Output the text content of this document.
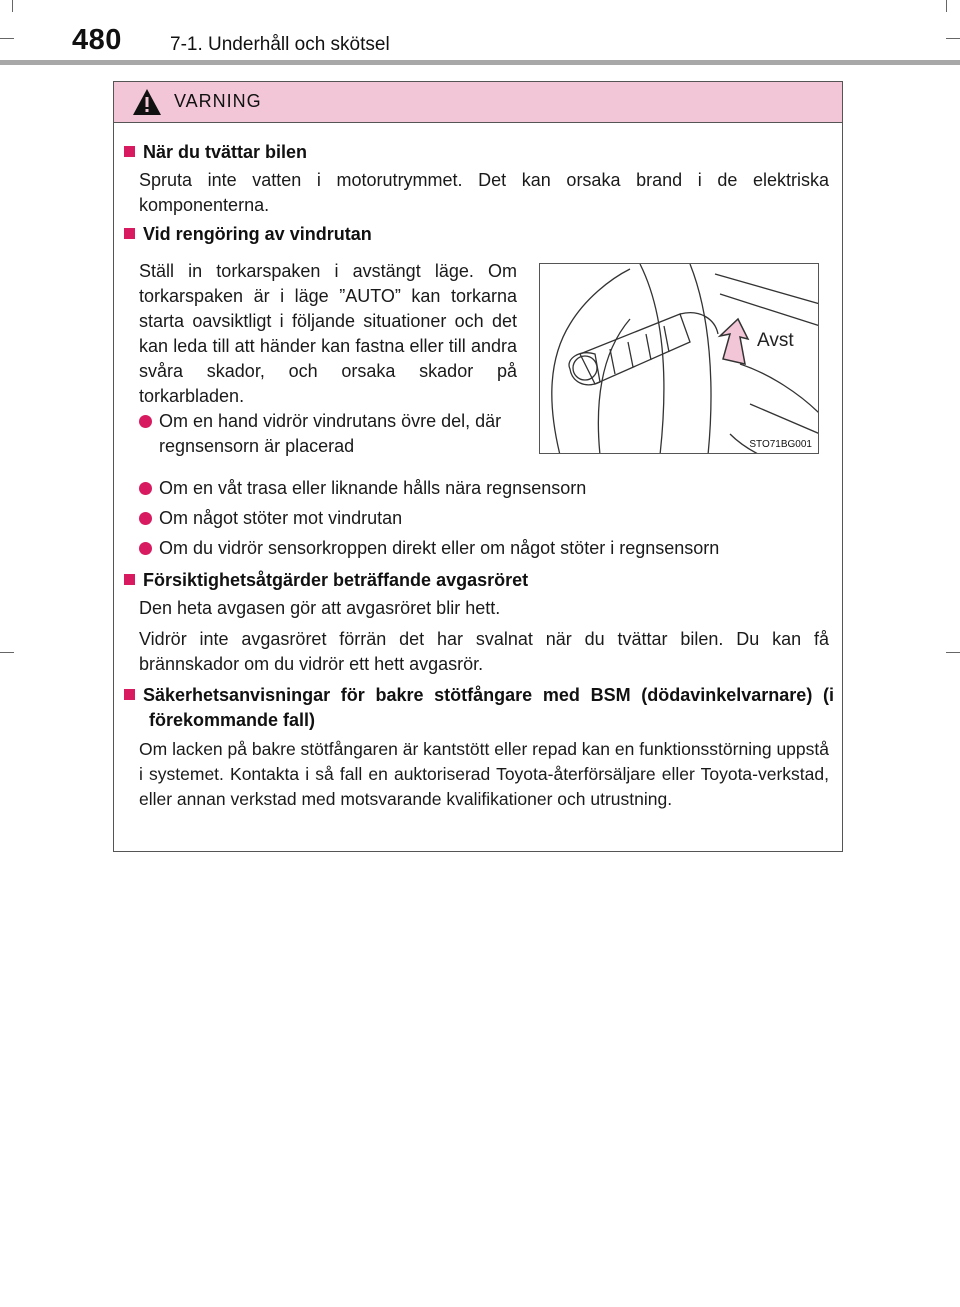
480	7-1. Underhåll och skötsel
VARNING
När du tvättar bilen
Spruta inte vatten i motorutrymmet. Det kan orsaka brand i de elektriska komponenterna.
Vid rengöring av vindrutan
Ställ in torkarspaken i avstängt läge. Om torkarspaken är i läge ”AUTO” kan torkarna starta oavsiktligt i följande situationer och det kan leda till att händer kan fastna eller till andra svåra skador, och orsaka skador på torkarbladen.
Om en hand vidrör vindrutans övre del, där regnsensorn är placerad
Avst
STO71BG001
Om en våt trasa eller liknande hålls nära regnsensorn
Om något stöter mot vindrutan
Om du vidrör sensorkroppen direkt eller om något stöter i regnsensorn
Försiktighetsåtgärder beträffande avgasröret
Den heta avgasen gör att avgasröret blir hett.
Vidrör inte avgasröret förrän det har svalnat när du tvättar bilen. Du kan få brännskador om du vidrör ett hett avgasrör.
Säkerhetsanvisningar för bakre stötfångare med BSM (dödavinkelvarnare) (i förekommande fall)
Om lacken på bakre stötfångaren är kantstött eller repad kan en funktionsstörning uppstå i systemet. Kontakta i så fall en auktoriserad Toyota-återförsäljare eller Toyota-verkstad, eller annan verkstad med motsvarande kvalifikationer och utrustning.
